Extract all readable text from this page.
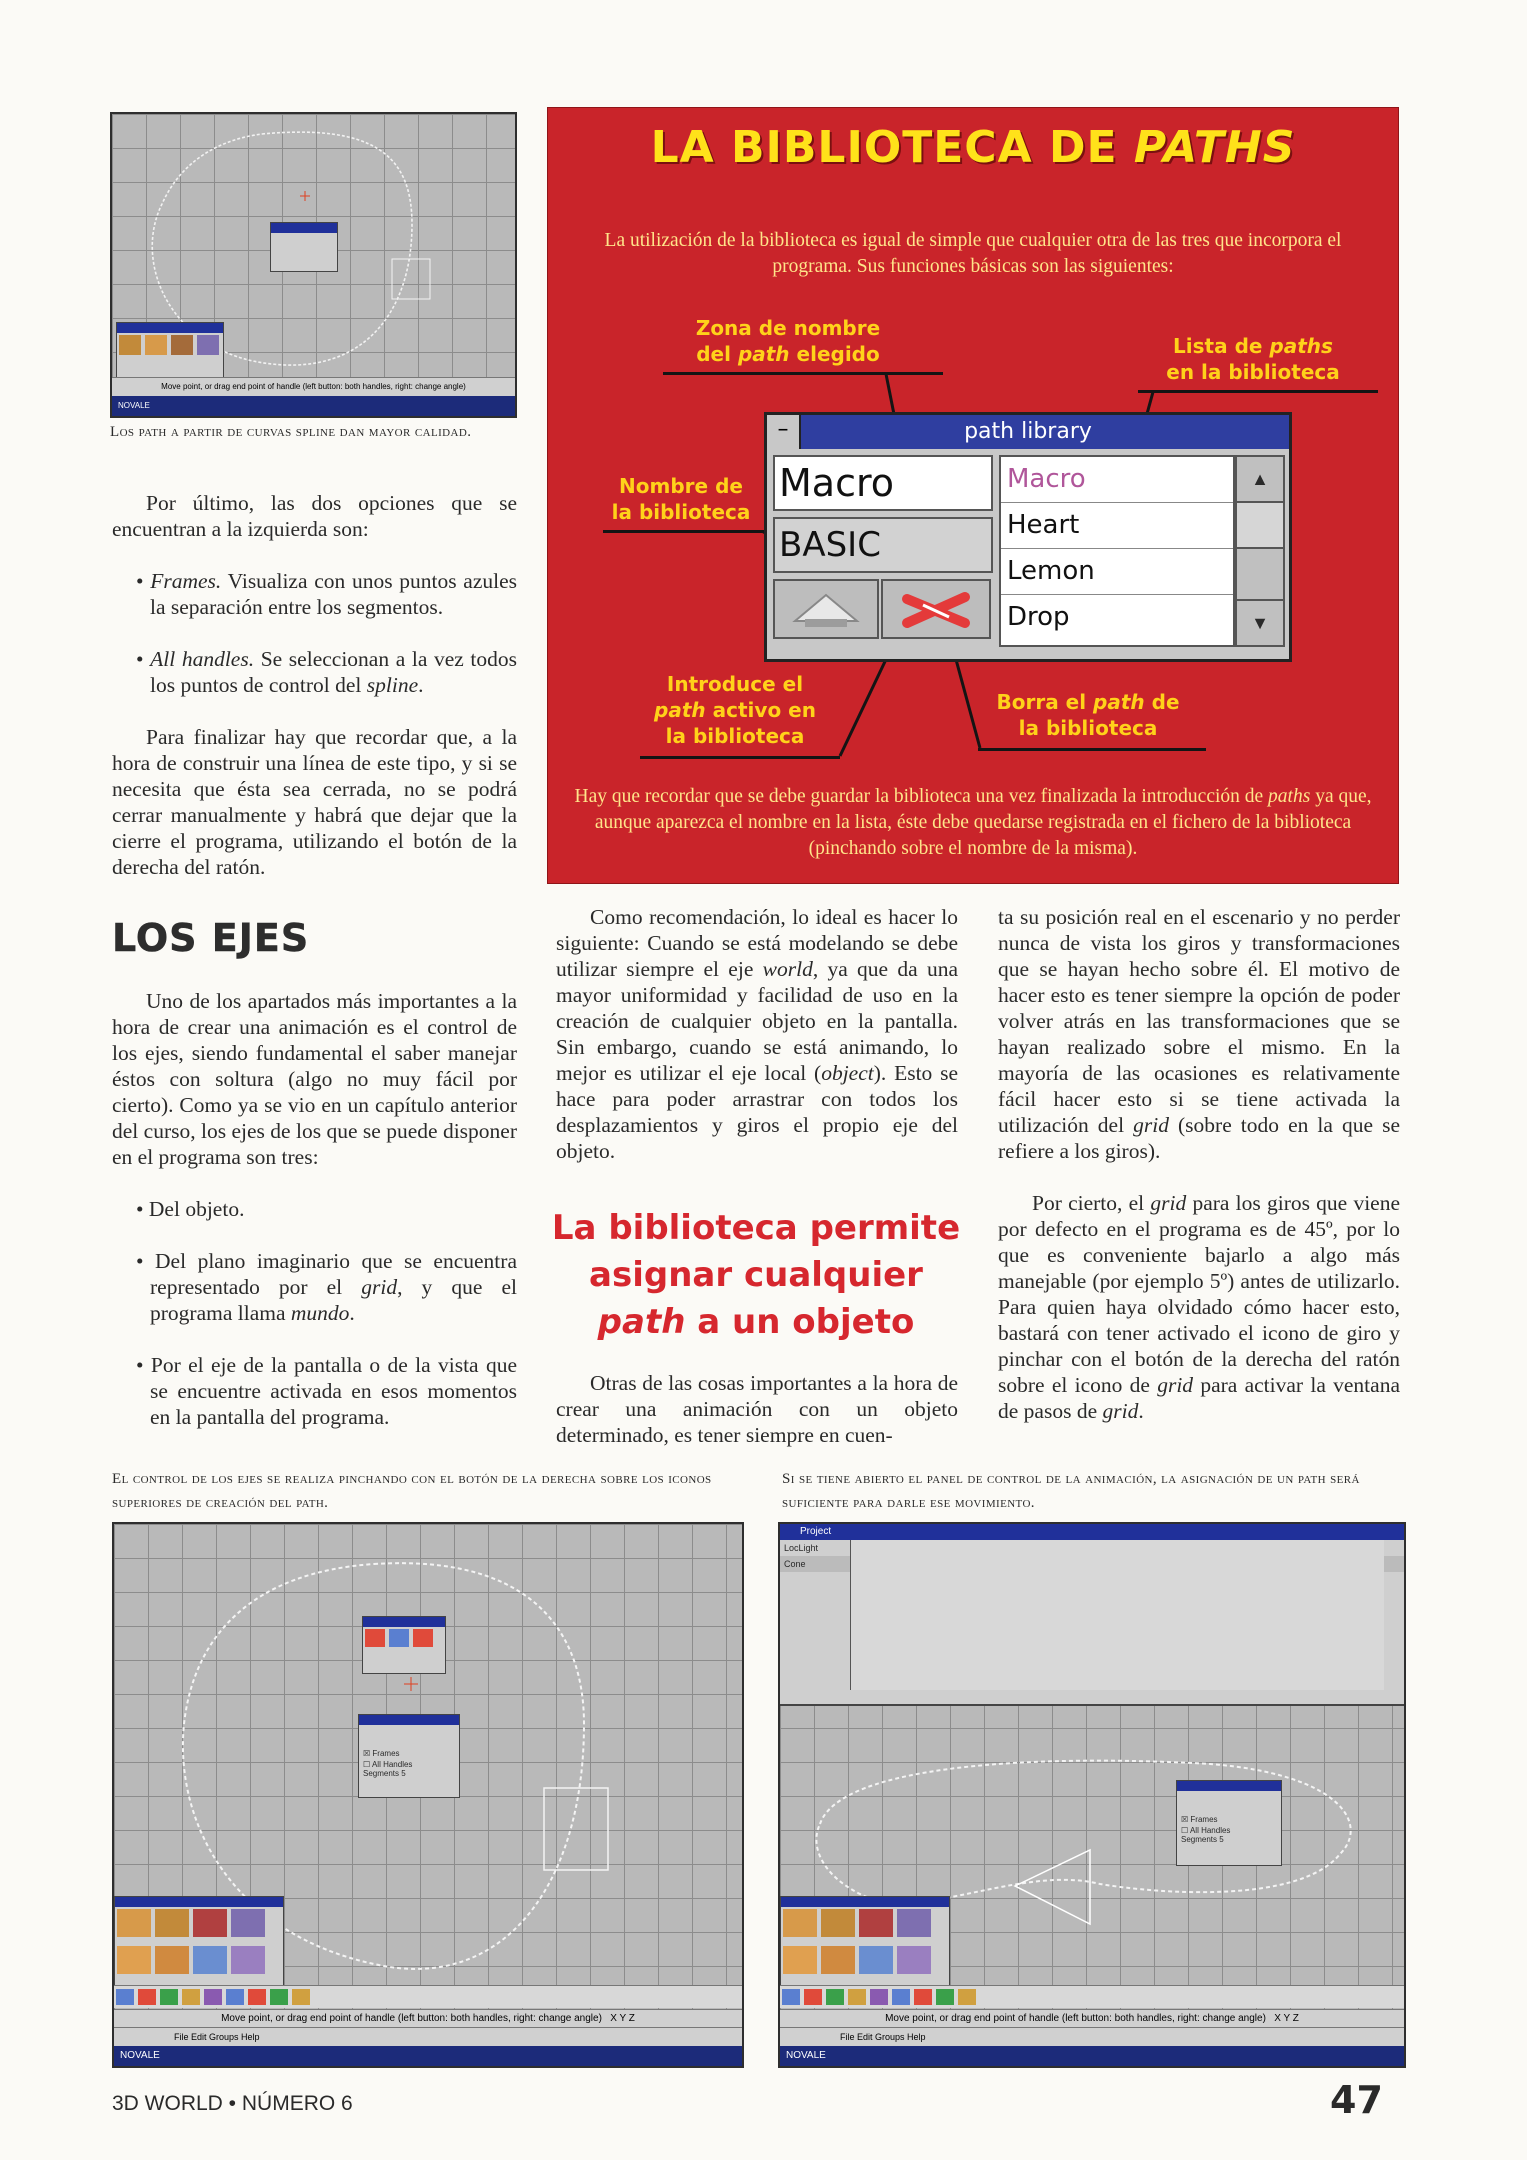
Move point, or drag end point of handle (left button: both handles, right: change angle)
NOVALE
Los path a partir de curvas spline dan mayor calidad.

Por último, las dos opciones que se encuentran a la izquierda son:

• Frames. Visualiza con unos puntos azules la separación entre los segmentos.

• All handles. Se seleccionan a la vez todos los puntos de control del spline.

Para finalizar hay que recordar que, a la hora de construir una línea de este tipo, y si se necesita que ésta sea cerrada, no se podrá cerrar manualmente y habrá que dejar que la cierre el programa, utilizando el botón de la derecha del ratón.

LOS EJES

Uno de los apartados más importantes a la hora de crear una animación es el control de los ejes, siendo fundamental el saber manejar éstos con soltura (algo no muy fácil por cierto). Como ya se vio en un capítulo anterior del curso, los ejes de los que se puede disponer en el programa son tres:

• Del objeto.

• Del plano imaginario que se encuentra representado por el grid, y que el programa llama mundo.

• Por el eje de la pantalla o de la vista que se encuentre activada en esos momentos en la pantalla del programa.

LA BIBLIOTECA DE PATHS
La utilización de la biblioteca es igual de simple que cualquier otra de las tres que incorpora el programa. Sus funciones básicas son las siguientes:
Zona de nombre
del path elegido	Lista de paths
en la biblioteca
Nombre de
la biblioteca
Introduce el
path activo en
la biblioteca
Borra el path de
la biblioteca
Hay que recordar que se debe guardar la biblioteca una vez finalizada la introducción de paths ya que, aunque aparezca el nombre en la lista, éste debe quedarse registrada en el fichero de la biblioteca (pinchando sobre el nombre de la misma).
–	path library
Macro
BASIC
Macro
Heart
Lemon
Drop
▲
▼

Como recomendación, lo ideal es hacer lo siguiente: Cuando se está modelando se debe utilizar siempre el eje world, ya que da una mayor uniformidad y facilidad de uso en la creación de cualquier objeto en la pantalla. Sin embargo, cuando se está animando, lo mejor es utilizar el eje local (object). Esto se hace para poder arrastrar con todos los desplazamientos y giros el propio eje del objeto.

La biblioteca permite asignar cualquier
path a un objeto

Otras de las cosas importantes a la hora de crear una animación con un objeto determinado, es tener siempre en cuen-

ta su posición real en el escenario y no perder nunca de vista los giros y transformaciones que se hayan hecho sobre él. El motivo de hacer esto es tener siempre la opción de poder volver atrás en las transformaciones que se hayan realizado sobre el mismo. En la mayoría de las ocasiones es relativamente fácil hacer esto si se tiene activada la utilización del grid (sobre todo en la que se refiere a los giros).

Por cierto, el grid para los giros que viene por defecto en el programa es de 45º, por lo que es conveniente bajarlo a algo más manejable (por ejemplo 5º) antes de utilizarlo. Para quien haya olvidado cómo hacer esto, bastará con tener activado el icono de giro y pinchar con el botón de la derecha del ratón sobre el icono de grid para activar la ventana de pasos de grid.

El control de los ejes se realiza pinchando con el botón de la derecha sobre los iconos superiores de creación del path.
Si se tiene abierto el panel de control de la animación, la asignación de un path será suficiente para darle ese movimiento.
☒ Frames
☐ All Handles
Segments 5

Move point, or drag end point of handle (left button: both handles, right: change angle) X Y Z
File Edit Groups Help
NOVALE
Project
LocLight
Cone
☒ Frames
☐ All Handles
Segments 5

Move point, or drag end point of handle (left button: both handles, right: change angle) X Y Z
File Edit Groups Help
NOVALE
3D WORLD • NÚMERO 6	47
